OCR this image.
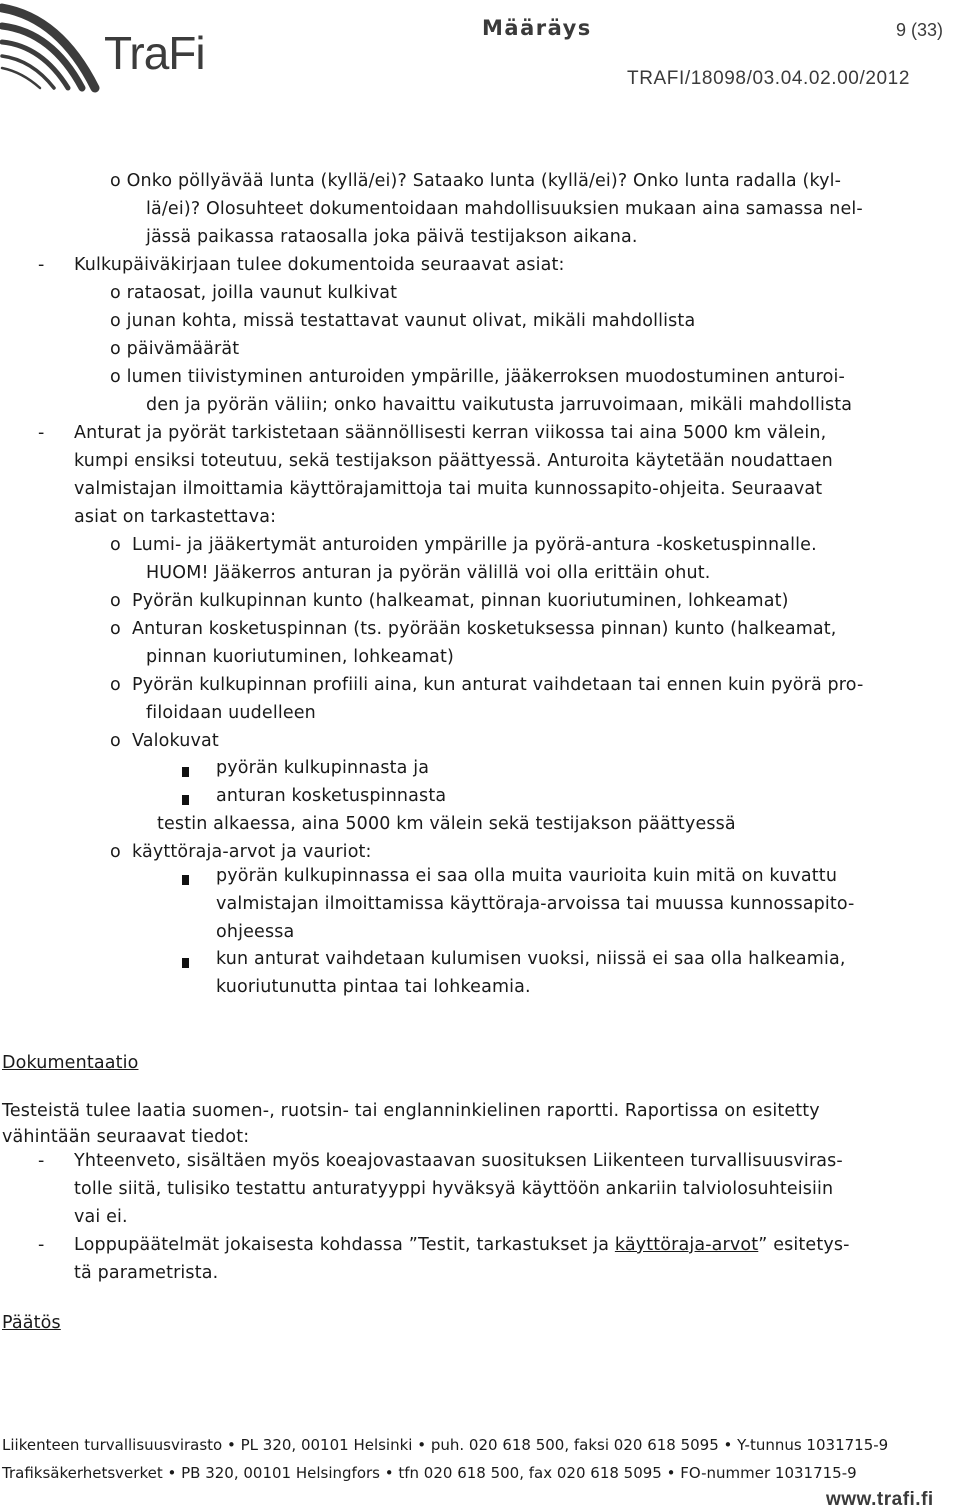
TraFi	Määräys	9 (33)
TRAFI/18098/03.04.02.00/2012
o Onko pöllyävää lunta (kyllä/ei)? Sataako lunta (kyllä/ei)? Onko lunta radalla (kyl-
lä/ei)? Olosuhteet dokumentoidaan mahdollisuuksien mukaan aina samassa nel-
jässä paikassa rataosalla joka päivä testijakson aikana.
- Kulkupäiväkirjaan tulee dokumentoida seuraavat asiat:
o rataosat, joilla vaunut kulkivat
o junan kohta, missä testattavat vaunut olivat, mikäli mahdollista
o päivämäärät
o lumen tiivistyminen anturoiden ympärille, jääkerroksen muodostuminen anturoi-
den ja pyörän väliin; onko havaittu vaikutusta jarruvoimaan, mikäli mahdollista
- Anturat ja pyörät tarkistetaan säännöllisesti kerran viikossa tai aina 5000 km välein,
kumpi ensiksi toteutuu, sekä testijakson päättyessä. Anturoita käytetään noudattaen
valmistajan ilmoittamia käyttörajamittoja tai muita kunnossapito-ohjeita. Seuraavat
asiat on tarkastettava:
o Lumi- ja jääkertymät anturoiden ympärille ja pyörä-antura -kosketuspinnalle.
HUOM! Jääkerros anturan ja pyörän välillä voi olla erittäin ohut.
o Pyörän kulkupinnan kunto (halkeamat, pinnan kuoriutuminen, lohkeamat)
o Anturan kosketuspinnan (ts. pyörään kosketuksessa pinnan) kunto (halkeamat,
pinnan kuoriutuminen, lohkeamat)
o Pyörän kulkupinnan profiili aina, kun anturat vaihdetaan tai ennen kuin pyörä pro-
filoidaan uudelleen
o Valokuvat
pyörän kulkupinnasta ja
anturan kosketuspinnasta
testin alkaessa, aina 5000 km välein sekä testijakson päättyessä
o käyttöraja-arvot ja vauriot:
pyörän kulkupinnassa ei saa olla muita vaurioita kuin mitä on kuvattu
valmistajan ilmoittamissa käyttöraja-arvoissa tai muussa kunnossapito-
ohjeessa
kun anturat vaihdetaan kulumisen vuoksi, niissä ei saa olla halkeamia,
kuoriutunutta pintaa tai lohkeamia.
Dokumentaatio
Testeistä tulee laatia suomen-, ruotsin- tai englanninkielinen raportti. Raportissa on esitetty
vähintään seuraavat tiedot:
- Yhteenveto, sisältäen myös koeajovastaavan suosituksen Liikenteen turvallisuusviras-
tolle siitä, tulisiko testattu anturatyyppi hyväksyä käyttöön ankariin talviolosuhteisiin
vai ei.
- Loppupäätelmät jokaisesta kohdassa ”Testit, tarkastukset ja käyttöraja-arvot” esitetys-
tä parametrista.
Päätös
Liikenteen turvallisuusvirasto • PL 320, 00101 Helsinki • puh. 020 618 500, faksi 020 618 5095 • Y-tunnus 1031715-9
Trafiksäkerhetsverket • PB 320, 00101 Helsingfors • tfn 020 618 500, fax 020 618 5095 • FO-nummer 1031715-9
www.trafi.fi
